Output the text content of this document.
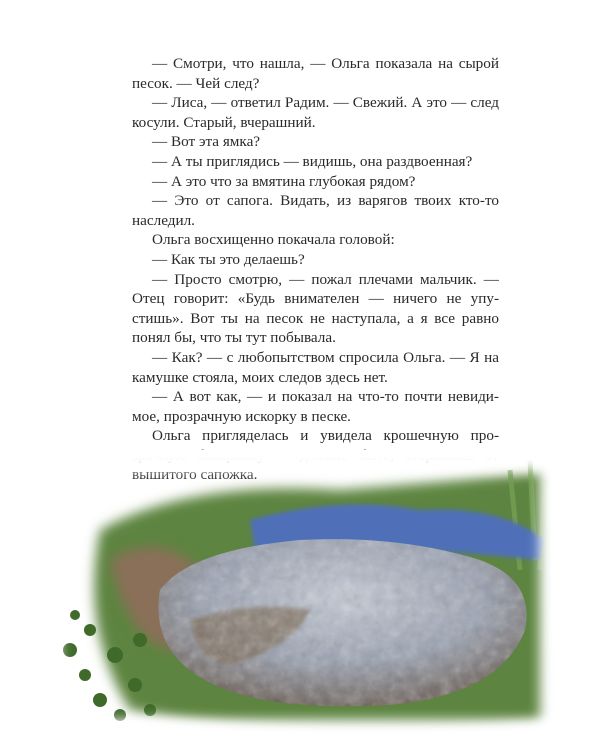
— Смотри, что нашла, — Ольга показала на сырой
песок. — Чей след?
— Лиса, — ответил Радим. — Свежий. А это — след
косули. Старый, вчерашний.
— Вот эта ямка?
— А ты приглядись — видишь, она раздвоенная?
— А это что за вмятина глубокая рядом?
— Это от сапога. Видать, из варягов твоих кто-то
наследил.
Ольга восхищенно покачала головой:
— Как ты это делаешь?
— Просто смотрю, — пожал плечами мальчик. —
Отец говорит: «Будь внимателен — ничего не упу-
стишь». Вот ты на песок не наступала, а я все равно
понял бы, что ты тут побывала.
— Как? — с любопытством спросила Ольга. — Я на
камушке стояла, моих следов здесь нет.
— А вот как, — и показал на что-то почти невиди-
мое, прозрачную искорку в песке.
Ольга пригляделась и увидела крошечную про-
зрачную бисеринку — должно быть, оторвалась от
вышитого сапожка.
